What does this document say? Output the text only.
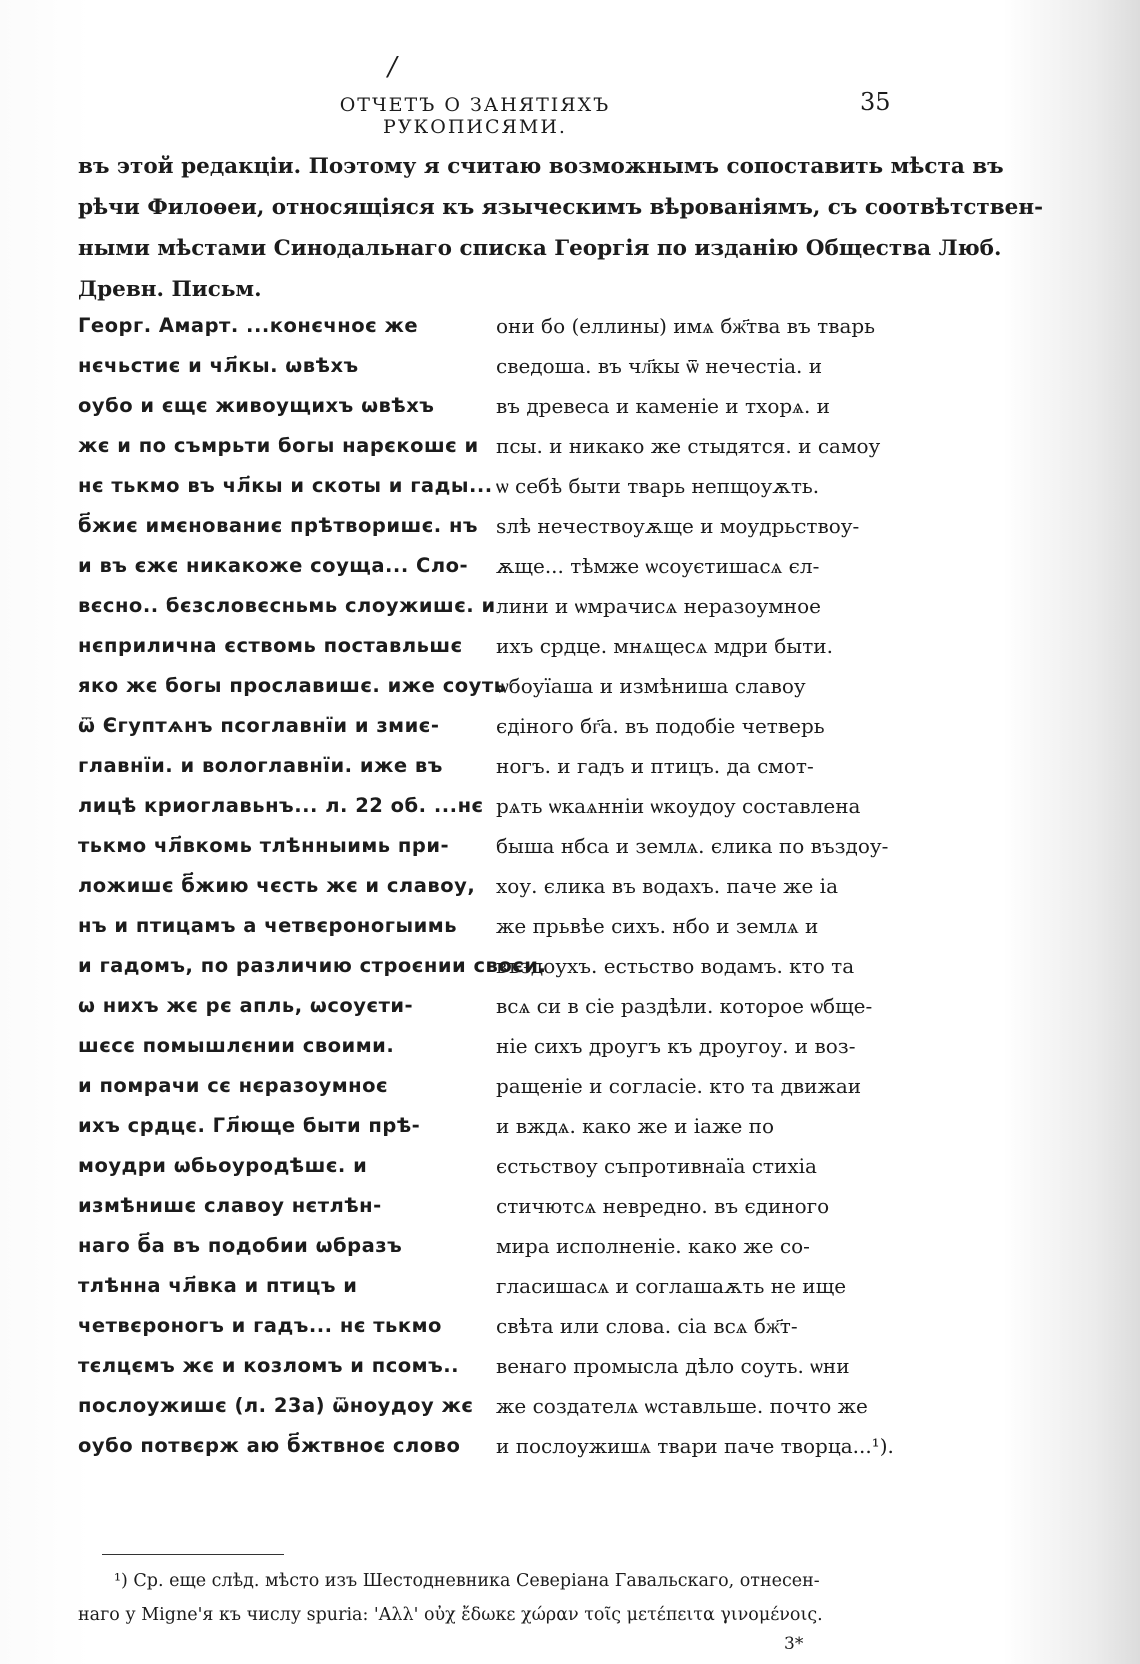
/
ОТЧЕТЪ О ЗАНЯТІЯХЪ РУКОПИСЯМИ.
35
въ этой редакціи. Поэтому я считаю возможнымъ сопоставить мѣста въ
рѣчи Филоѳеи, относящіяся къ языческимъ вѣрованіямъ, съ соотвѣтствен-
ными мѣстами Синодальнаго списка Георгія по изданію Общества Люб.
Древн. Письм.
Георг. Амарт. ...конєчноє же
нєчьстиє и чл҃кы. ѡвѣхъ
оубо и єщє живоущихъ ѡвѣхъ
жє и по съмрьти богы нарєкошє и
нє тькмо въ чл҃кы и скоты и гады...
б҃жиє имєнованиє прѣтворишє. нъ
и въ єжє никакоже соуща... Сло-
вєсно.. бєзсловєсньмь слоужишє. и
нєприлична єствомь поставльшє
яко жє богы прославишє. иже соуть
ѿ Єгуптѧнъ псоглавнїи и змиє-
главнїи. и вологлавнїи. иже въ
лицѣ криоглавьнъ... л. 22 об. ...нє
тькмо чл҃вкомь тлѣнныимь при-
ложишє б҃жию чєсть жє и славоу,
нъ и птицамъ а четвєроногыимь
и гадомъ, по различию строєнии своєи.
ѡ нихъ жє рє апль, ѡсоуєти-
шєсє помышлєнии своими.
и помрачи сє нєразоумноє
ихъ срдцє. Гл҃юще быти прѣ-
моудри ѡбьоуродѣшє. и
измѣнишє славоу нєтлѣн-
наго б҃а въ подобии ѡбразъ
тлѣнна чл҃вка и птицъ и
четвєроногъ и гадъ... нє тькмо
тєлцємъ жє и козломъ и псомъ..
послоужишє (л. 23а) ѿноудоу жє
оубо потвєрж аю б҃жтвноє слово
они бо (еллины) имѧ бж҃тва въ тварь
сведоша. въ чл҃кы ѿ нечестіа. и
въ древеса и каменіе и тхорѧ. и
псы. и никако же стыдятся. и самоу
ѡ себѣ быти тварь непщоуѫть.
ѕлѣ нечествоуѫще и моудрьствоу-
ѫще... тѣмже ѡсоуєтишасѧ єл-
лини и ѡмрачисѧ неразоумное
ихъ срдце. мнѧщесѧ мдри быти.
ѡбоуїаша и измѣниша славоу
єдіного бг҃а. въ подобіе четверь
ногъ. и гадъ и птицъ. да смот-
рѧть ѡкаѧнніи ѡкоудоу составлена
быша нбса и землѧ. єлика по въздоу-
хоу. єлика въ водахъ. паче же іа
же прьвѣе сихъ. нбо и землѧ и
въздоухъ. естьство водамъ. кто та
всѧ си в сіе раздѣли. которое ѡбще-
ніе сихъ дроугъ къ дроугоу. и воз-
ращеніе и согласіе. кто та движаи
и вждѧ. како же и іаже по
єстьствоу съпротивнаїа стихіа
стичютсѧ невредно. въ єдиного
мира исполненіе. како же со-
гласишасѧ и соглашаѫть не ище
свѣта или слова. сіа всѧ бж҃т-
венаго промысла дѣло соуть. ѡни
же создателѧ ѡставльше. почто же
и послоужишѧ твари паче творца...¹).
¹) Ср. еще слѣд. мѣсто изъ Шестодневника Северіана Гавальскаго, отнесен-
наго у Migne'я къ числу spuria: 'Αλλ' οὐχ ἔδωκε χώραν τοῖς μετέπειτα γινομένοις.
3*
